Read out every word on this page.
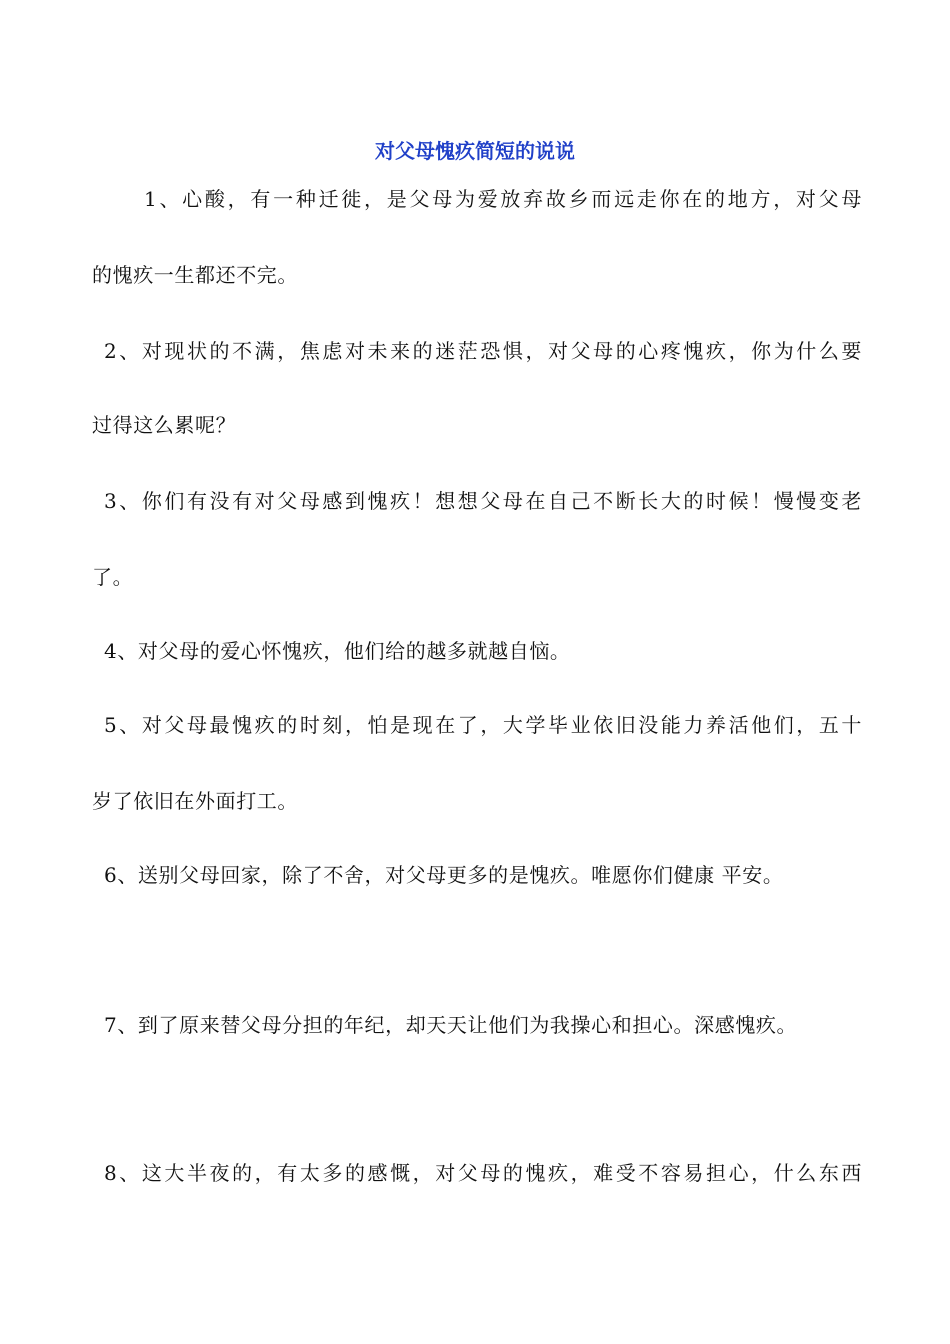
对父母愧疚简短的说说
1、心酸，有一种迁徙，是父母为爱放弃故乡而远走你在的地方，对父母
的愧疚一生都还不完。
2、对现状的不满，焦虑对未来的迷茫恐惧，对父母的心疼愧疚，你为什么要
过得这么累呢？
3、你们有没有对父母感到愧疚！想想父母在自己不断长大的时候！慢慢变老
了。
4、对父母的爱心怀愧疚，他们给的越多就越自恼。
5、对父母最愧疚的时刻，怕是现在了，大学毕业依旧没能力养活他们，五十
岁了依旧在外面打工。
6、送别父母回家，除了不舍，对父母更多的是愧疚。唯愿你们健康 平安。
7、到了原来替父母分担的年纪，却天天让他们为我操心和担心。深感愧疚。
8、这大半夜的，有太多的感慨，对父母的愧疚，难受不容易担心，什么东西
